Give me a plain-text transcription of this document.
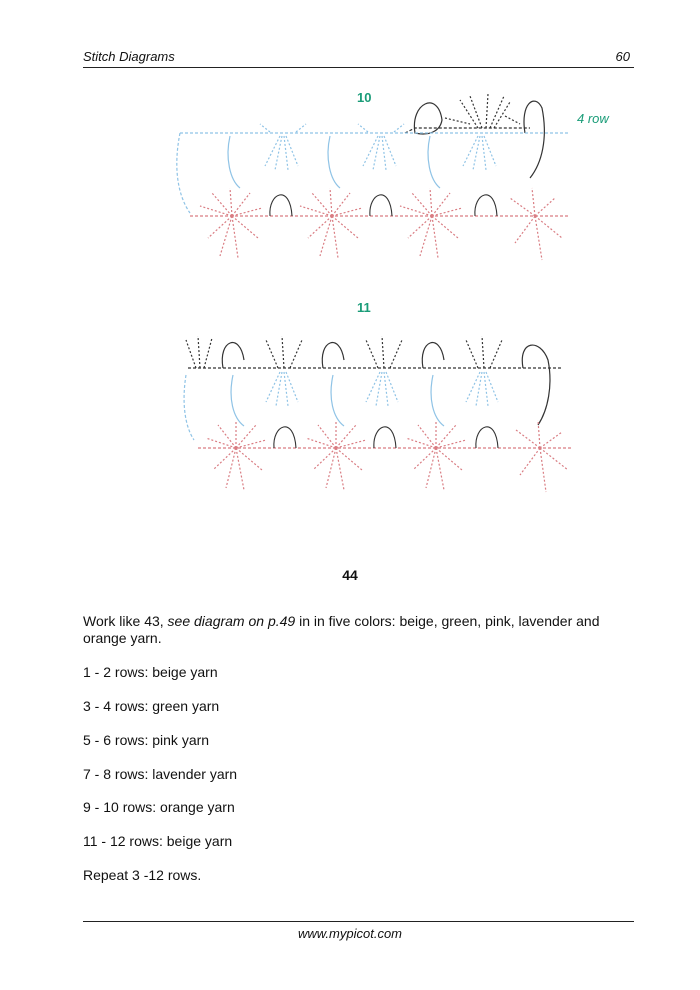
Stitch Diagrams	60
10
4 row
11
44
Work like 43, see diagram on p.49 in in five colors: beige, green, pink, lavender and orange yarn.
1 - 2 rows: beige yarn
3 - 4 rows: green yarn
5 - 6 rows: pink yarn
7 - 8 rows: lavender yarn
9 - 10 rows: orange yarn
11 - 12 rows: beige yarn
Repeat 3 -12 rows.
www.mypicot.com
